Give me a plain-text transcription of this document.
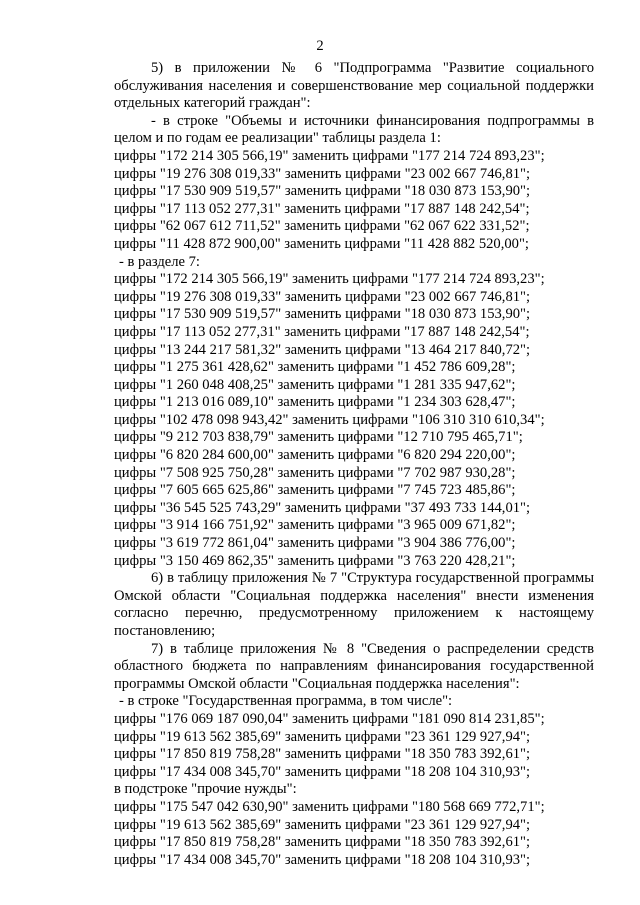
2

5) в приложении № 6 "Подпрограмма "Развитие социального обслуживания населения и совершенствование мер социальной поддержки отдельных категорий граждан":

- в строке "Объемы и источники финансирования подпрограммы в целом и по годам ее реализации" таблицы раздела 1:

цифры "172 214 305 566,19" заменить цифрами "177 214 724 893,23";

цифры "19 276 308 019,33" заменить цифрами "23 002 667 746,81";

цифры "17 530 909 519,57" заменить цифрами "18 030 873 153,90";

цифры "17 113 052 277,31" заменить цифрами "17 887 148 242,54";

цифры "62 067 612 711,52" заменить цифрами "62 067 622 331,52";

цифры "11 428 872 900,00" заменить цифрами "11 428 882 520,00";

- в разделе 7:

цифры "172 214 305 566,19" заменить цифрами "177 214 724 893,23";

цифры "19 276 308 019,33" заменить цифрами "23 002 667 746,81";

цифры "17 530 909 519,57" заменить цифрами "18 030 873 153,90";

цифры "17 113 052 277,31" заменить цифрами "17 887 148 242,54";

цифры "13 244 217 581,32" заменить цифрами "13 464 217 840,72";

цифры "1 275 361 428,62" заменить цифрами "1 452 786 609,28";

цифры "1 260 048 408,25" заменить цифрами "1 281 335 947,62";

цифры "1 213 016 089,10" заменить цифрами "1 234 303 628,47";

цифры "102 478 098 943,42" заменить цифрами "106 310 310 610,34";

цифры "9 212 703 838,79" заменить цифрами "12 710 795 465,71";

цифры "6 820 284 600,00" заменить цифрами "6 820 294 220,00";

цифры "7 508 925 750,28" заменить цифрами "7 702 987 930,28";

цифры "7 605 665 625,86" заменить цифрами "7 745 723 485,86";

цифры "36 545 525 743,29" заменить цифрами "37 493 733 144,01";

цифры "3 914 166 751,92" заменить цифрами "3 965 009 671,82";

цифры "3 619 772 861,04" заменить цифрами "3 904 386 776,00";

цифры "3 150 469 862,35" заменить цифрами "3 763 220 428,21";

6) в таблицу приложения № 7 "Структура государственной программы Омской области "Социальная поддержка населения" внести изменения согласно перечню, предусмотренному приложением к настоящему постановлению;

7) в таблице приложения № 8 "Сведения о распределении средств областного бюджета по направлениям финансирования государственной программы Омской области "Социальная поддержка населения":

- в строке "Государственная программа, в том числе":

цифры "176 069 187 090,04" заменить цифрами "181 090 814 231,85";

цифры "19 613 562 385,69" заменить цифрами "23 361 129 927,94";

цифры "17 850 819 758,28" заменить цифрами "18 350 783 392,61";

цифры "17 434 008 345,70" заменить цифрами "18 208 104 310,93";

в подстроке "прочие нужды":

цифры "175 547 042 630,90" заменить цифрами "180 568 669 772,71";

цифры "19 613 562 385,69" заменить цифрами "23 361 129 927,94";

цифры "17 850 819 758,28" заменить цифрами "18 350 783 392,61";

цифры "17 434 008 345,70" заменить цифрами "18 208 104 310,93";
